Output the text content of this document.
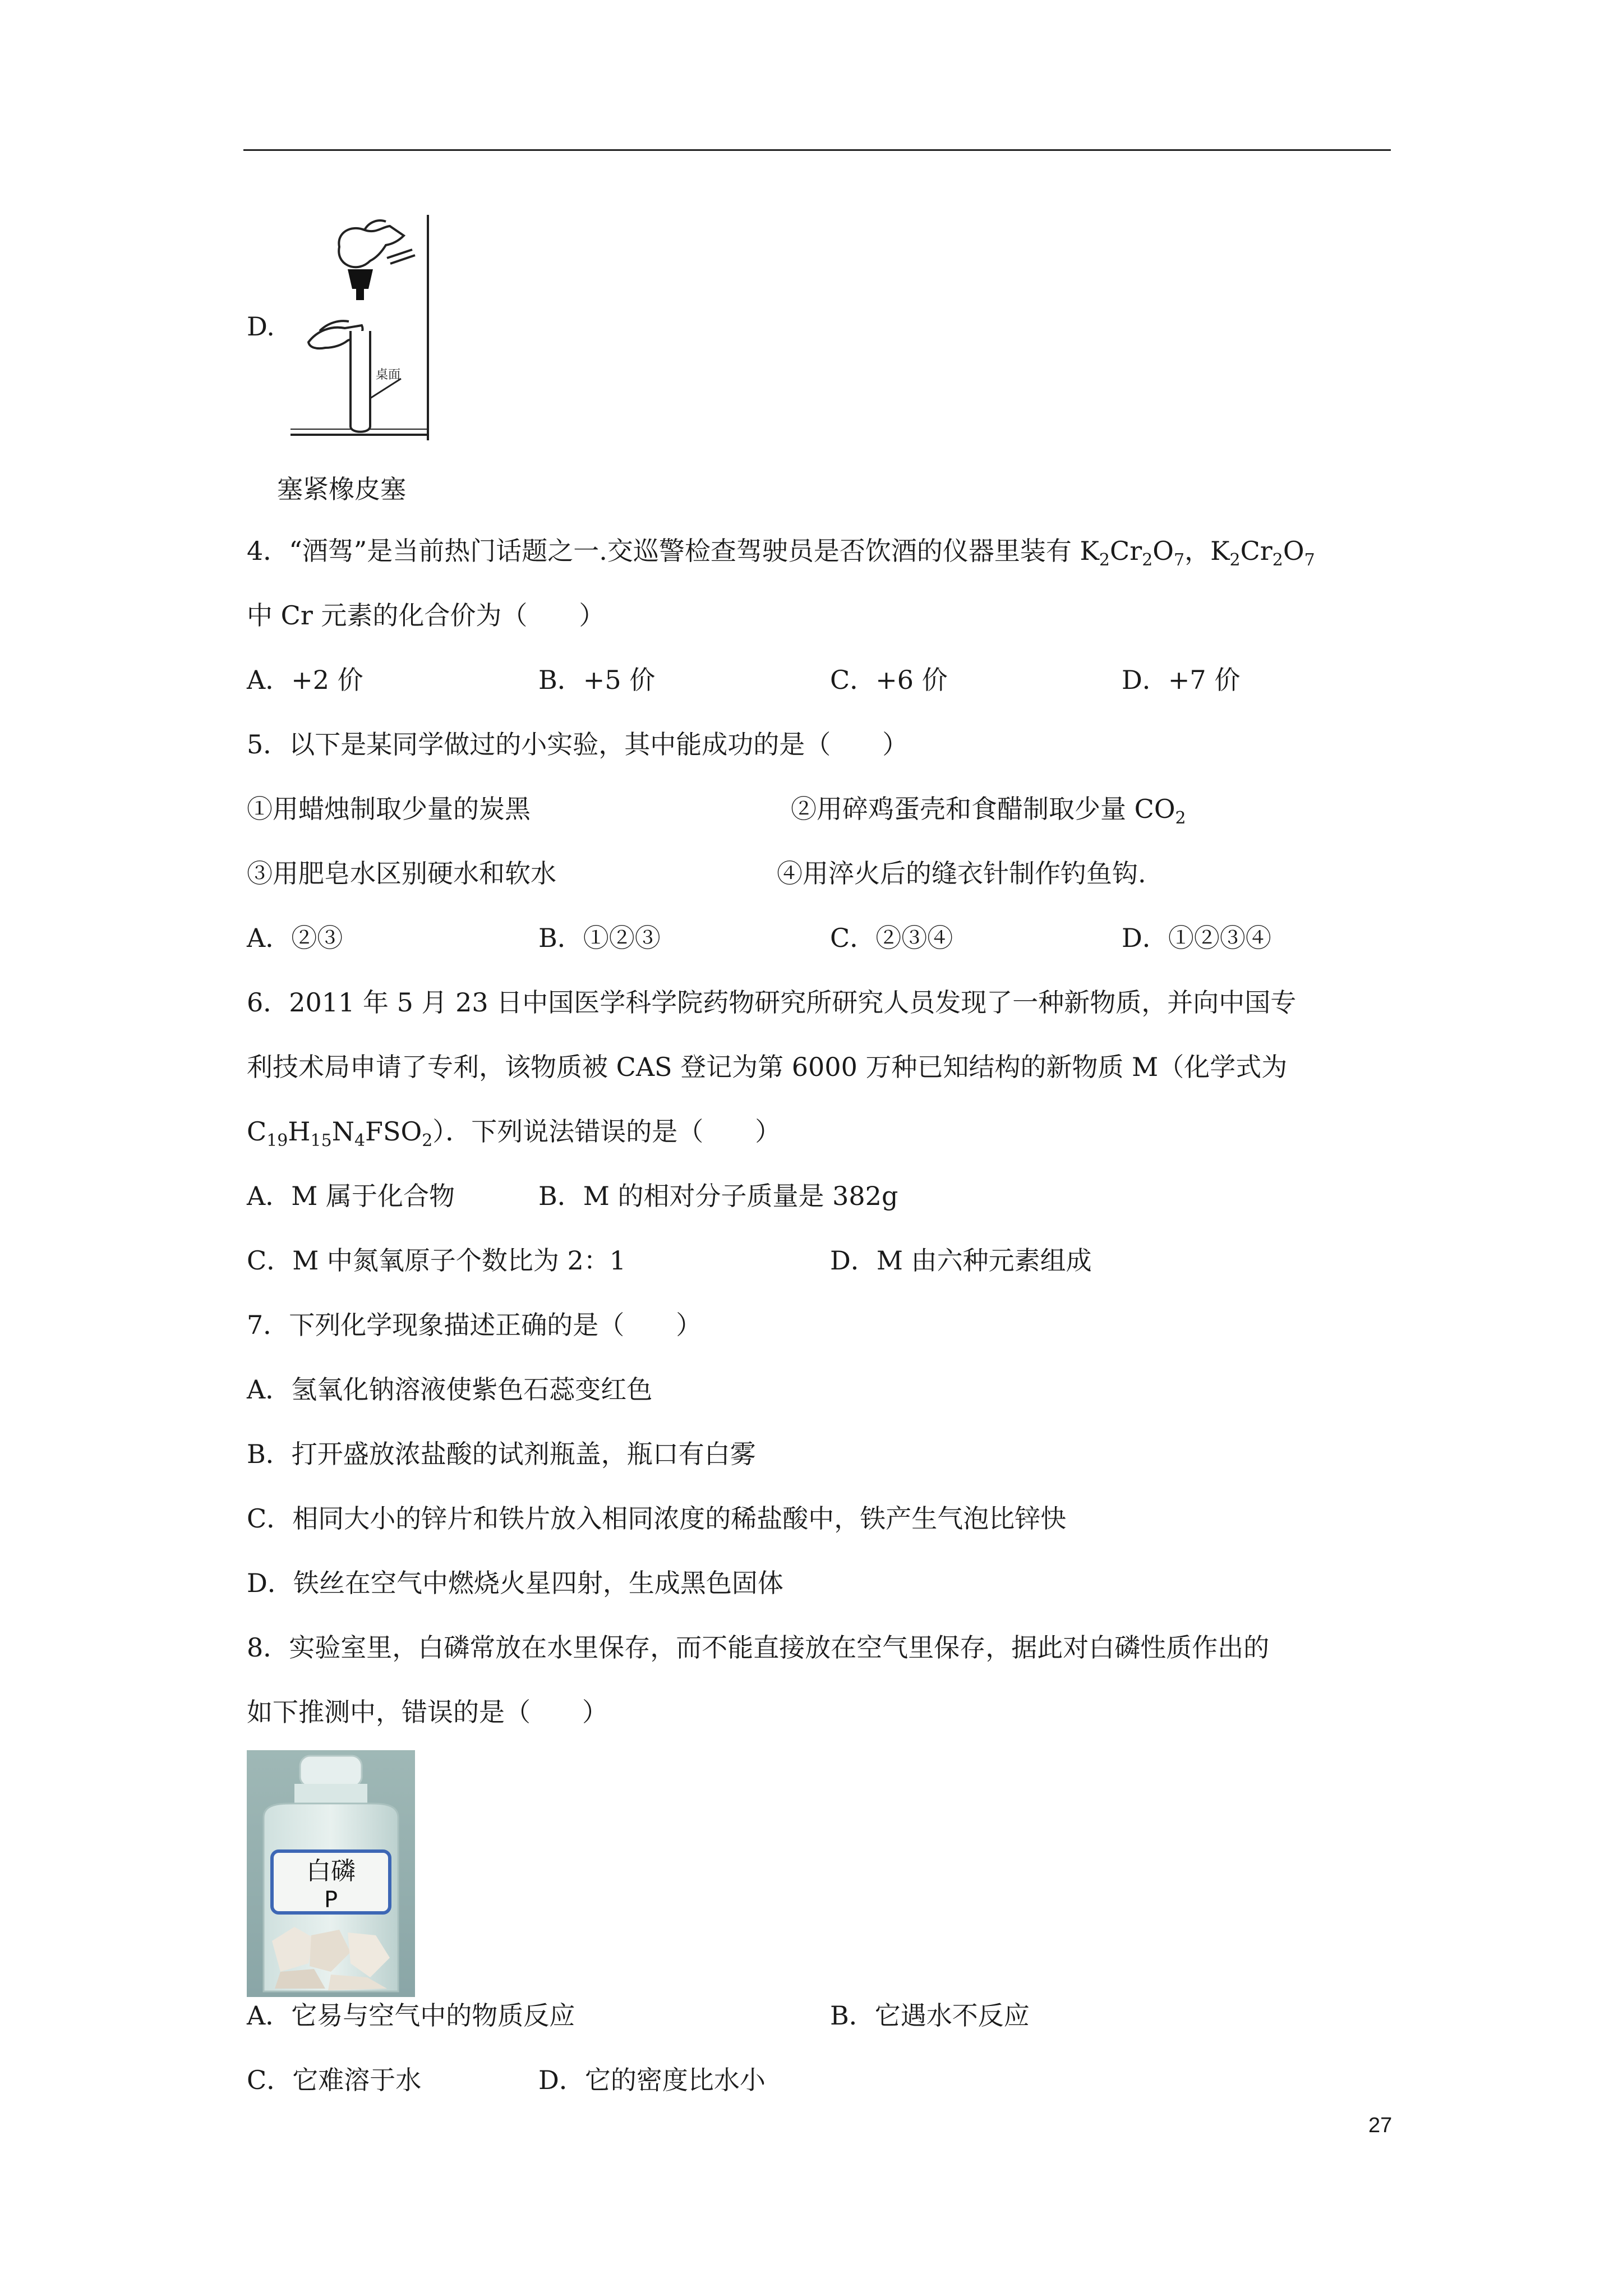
D.
桌面
塞紧橡皮塞
4．“酒驾”是当前热门话题之一.交巡警检查驾驶员是否饮酒的仪器里装有 $K_2Cr_2O_7$，$K_2Cr_2O_7$
中 Cr 元素的化合价为（　　）
A．+2 价	B．+5 价	C．+6 价	D．+7 价
5．以下是某同学做过的小实验，其中能成功的是（　　）
①用蜡烛制取少量的炭黑	②用碎鸡蛋壳和食醋制取少量 $CO_2$
③用肥皂水区别硬水和软水	④用淬火后的缝衣针制作钓鱼钩.
A．②③	B．①②③	C．②③④	D．①②③④
6．2011 年 5 月 23 日中国医学科学院药物研究所研究人员发现了一种新物质，并向中国专
利技术局申请了专利，该物质被 CAS 登记为第 6000 万种已知结构的新物质 M（化学式为
$C_{19}H_{15}N_4FSO_2$）．下列说法错误的是（　　）
A．M 属于化合物	B．M 的相对分子质量是 382g
C．M 中氮氧原子个数比为 2：1	D．M 由六种元素组成
7．下列化学现象描述正确的是（　　）
A．氢氧化钠溶液使紫色石蕊变红色
B．打开盛放浓盐酸的试剂瓶盖，瓶口有白雾
C．相同大小的锌片和铁片放入相同浓度的稀盐酸中，铁产生气泡比锌快
D．铁丝在空气中燃烧火星四射，生成黑色固体
8．实验室里，白磷常放在水里保存，而不能直接放在空气里保存，据此对白磷性质作出的
如下推测中，错误的是（　　）
白磷
P
A．它易与空气中的物质反应	B．它遇水不反应
C．它难溶于水	D．它的密度比水小
27
